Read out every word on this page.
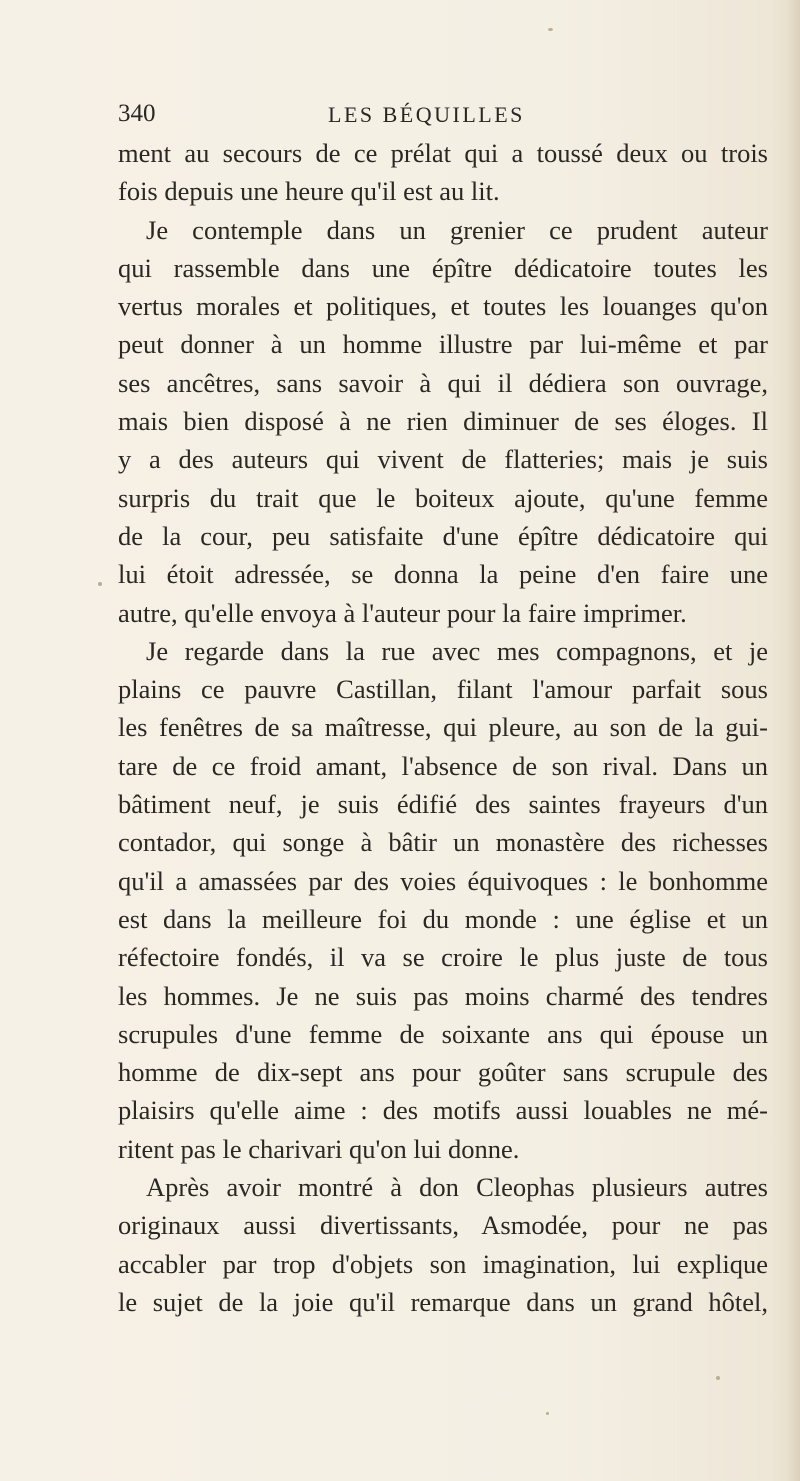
340	LES BÉQUILLES
ment au secours de ce prélat qui a toussé deux ou trois
fois depuis une heure qu'il est au lit.
Je contemple dans un grenier ce prudent auteur
qui rassemble dans une épître dédicatoire toutes les
vertus morales et politiques, et toutes les louanges qu'on
peut donner à un homme illustre par lui-même et par
ses ancêtres, sans savoir à qui il dédiera son ouvrage,
mais bien disposé à ne rien diminuer de ses éloges. Il
y a des auteurs qui vivent de flatteries; mais je suis
surpris du trait que le boiteux ajoute, qu'une femme
de la cour, peu satisfaite d'une épître dédicatoire qui
lui étoit adressée, se donna la peine d'en faire une
autre, qu'elle envoya à l'auteur pour la faire imprimer.
Je regarde dans la rue avec mes compagnons, et je
plains ce pauvre Castillan, filant l'amour parfait sous
les fenêtres de sa maîtresse, qui pleure, au son de la gui-
tare de ce froid amant, l'absence de son rival. Dans un
bâtiment neuf, je suis édifié des saintes frayeurs d'un
contador, qui songe à bâtir un monastère des richesses
qu'il a amassées par des voies équivoques : le bonhomme
est dans la meilleure foi du monde : une église et un
réfectoire fondés, il va se croire le plus juste de tous
les hommes. Je ne suis pas moins charmé des tendres
scrupules d'une femme de soixante ans qui épouse un
homme de dix-sept ans pour goûter sans scrupule des
plaisirs qu'elle aime : des motifs aussi louables ne mé-
ritent pas le charivari qu'on lui donne.
Après avoir montré à don Cleophas plusieurs autres
originaux aussi divertissants, Asmodée, pour ne pas
accabler par trop d'objets son imagination, lui explique
le sujet de la joie qu'il remarque dans un grand hôtel,
